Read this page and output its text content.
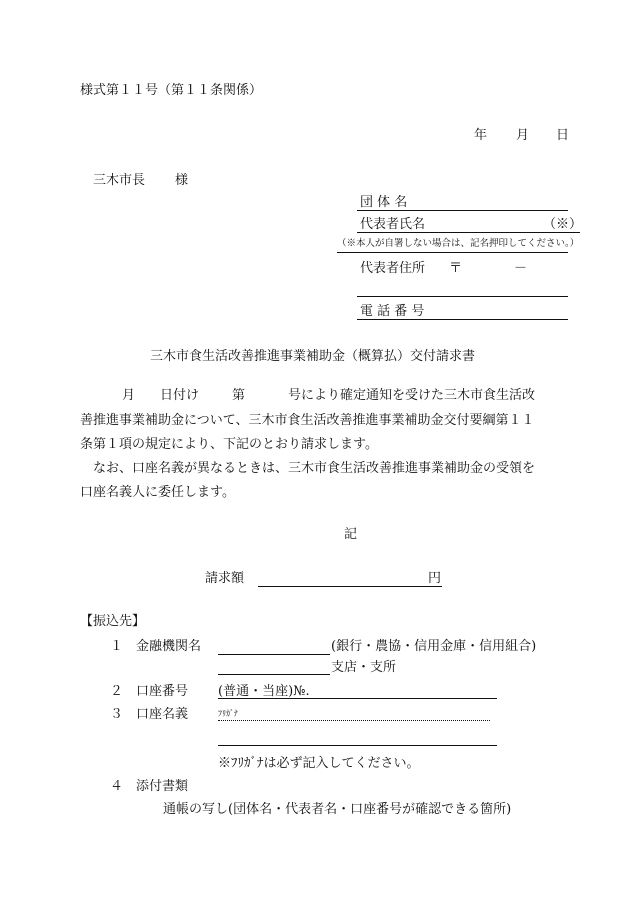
様式第１１号（第１１条関係）
年 月 日
三木市長 様
団 体 名
代表者氏名	（※）
（※本人が自署しない場合は、記名押印してください。）
代表者住所 〒	－
電 話 番 号
三木市食生活改善推進事業補助金（概算払）交付請求書
月 日付け	第	号により確定通知を受けた三木市食生活改
善推進事業補助金について、三木市食生活改善推進事業補助金交付要綱第１１
条第１項の規定により、下記のとおり請求します。
なお、口座名義が異なるときは、三木市食生活改善推進事業補助金の受領を
口座名義人に委任します。
記
請求額	円
【振込先】
１ 金融機関名	(銀行・農協・信用金庫・信用組合)
支店・支所
２ 口座番号 (普通・当座)№.
３ 口座名義	ﾌﾘｶﾞﾅ
※ﾌﾘｶﾞﾅは必ず記入してください。
４ 添付書類
通帳の写し(団体名・代表者名・口座番号が確認できる箇所)
